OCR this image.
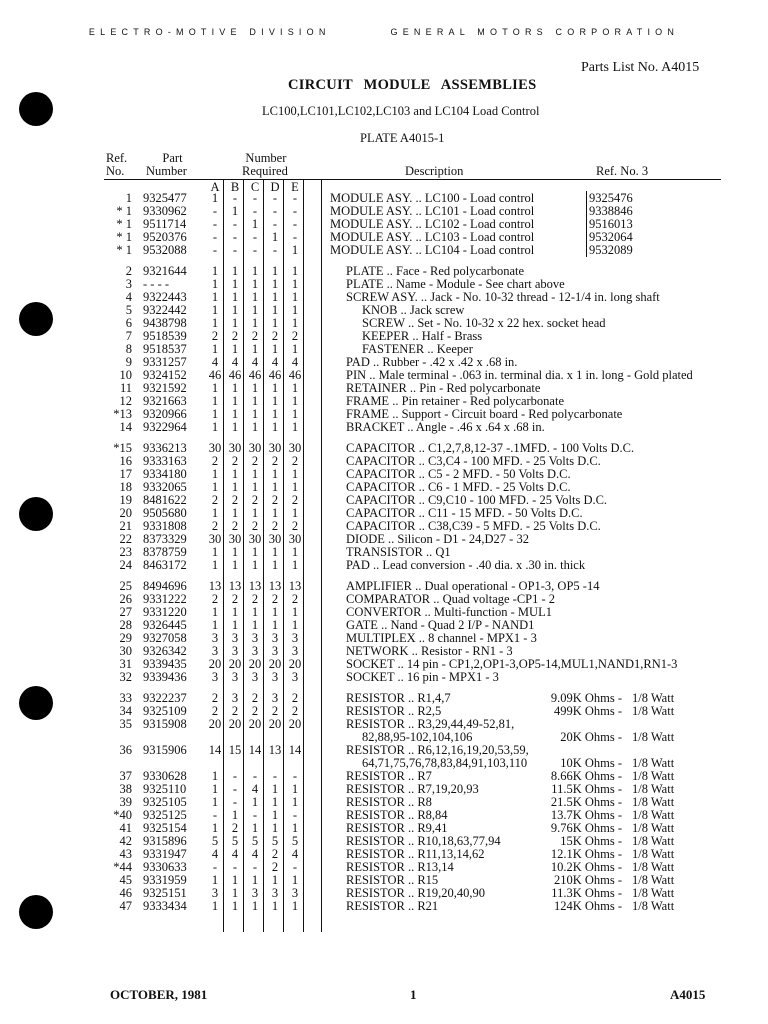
ELECTRO-MOTIVE DIVISION	GENERAL MOTORS CORPORATION
Parts List No. A4015
CIRCUIT MODULE ASSEMBLIES
LC100,LC101,LC102,LC103 and LC104 Load Control
PLATE A4015-1
Ref.
No.
Part
Number
Number
Required	Description	Ref. No. 3
A B C D E
1 9325477	1	-	-	-	-	MODULE ASY. .. LC100 - Load control	9325476
* 1 9330962	-	1	-	-	-	MODULE ASY. .. LC101 - Load control	9338846
* 1 9511714	-	-	1	-	-	MODULE ASY. .. LC102 - Load control	9516013
* 1 9520376	-	-	-	1	-	MODULE ASY. .. LC103 - Load control	9532064
* 1 9532088	-	-	-	-	1	MODULE ASY. .. LC104 - Load control	9532089
2 9321644	1	1	1	1	1	PLATE .. Face - Red polycarbonate
3 - - - -	1	1	1	1	1	PLATE .. Name - Module - See chart above
4 9322443	1	1	1	1	1	SCREW ASY. .. Jack - No. 10-32 thread - 12-1/4 in. long shaft
5 9322442	1	1	1	1	1	KNOB .. Jack screw
6 9438798	1	1	1	1	1	SCREW .. Set - No. 10-32 x 22 hex. socket head
7 9518539	2	2	2	2	2	KEEPER .. Half - Brass
8 9518537	1	1	1	1	1	FASTENER .. Keeper
9 9331257	4	4	4	4	4	PAD .. Rubber - .42 x .42 x .68 in.
10 9324152	46 46 46 46 46	PIN .. Male terminal - .063 in. terminal dia. x 1 in. long - Gold plated
11 9321592	1	1	1	1	1	RETAINER .. Pin - Red polycarbonate
12 9321663	1	1	1	1	1	FRAME .. Pin retainer - Red polycarbonate
*13 9320966	1	1	1	1	1	FRAME .. Support - Circuit board - Red polycarbonate
14 9322964	1	1	1	1	1	BRACKET .. Angle - .46 x .64 x .68 in.
*15 9336213	30 30 30 30 30	CAPACITOR .. C1,2,7,8,12-37 -.1MFD. - 100 Volts D.C.
16 9333163	2	2	2	2	2	CAPACITOR .. C3,C4 - 100 MFD. - 25 Volts D.C.
17 9334180	1	1	1	1	1	CAPACITOR .. C5 - 2 MFD. - 50 Volts D.C.
18 9332065	1	1	1	1	1	CAPACITOR .. C6 - 1 MFD. - 25 Volts D.C.
19 8481622	2	2	2	2	2	CAPACITOR .. C9,C10 - 100 MFD. - 25 Volts D.C.
20 9505680	1	1	1	1	1	CAPACITOR .. C11 - 15 MFD. - 50 Volts D.C.
21 9331808	2	2	2	2	2	CAPACITOR .. C38,C39 - 5 MFD. - 25 Volts D.C.
22 8373329	30 30 30 30 30	DIODE .. Silicon - D1 - 24,D27 - 32
23 8378759	1	1	1	1	1	TRANSISTOR .. Q1
24 8463172	1	1	1	1	1	PAD .. Lead conversion - .40 dia. x .30 in. thick
25 8494696	13 13 13 13 13	AMPLIFIER .. Dual operational - OP1-3, OP5 -14
26 9331222	2	2	2	2	2	COMPARATOR .. Quad voltage -CP1 - 2
27 9331220	1	1	1	1	1	CONVERTOR .. Multi-function - MUL1
28 9326445	1	1	1	1	1	GATE .. Nand - Quad 2 I/P - NAND1
29 9327058	3	3	3	3	3	MULTIPLEX .. 8 channel - MPX1 - 3
30 9326342	3	3	3	3	3	NETWORK .. Resistor - RN1 - 3
31 9339435	20 20 20 20 20	SOCKET .. 14 pin - CP1,2,OP1-3,OP5-14,MUL1,NAND1,RN1-3
32 9339436	3	3	3	3	3	SOCKET .. 16 pin - MPX1 - 3
33 9322237	2	3	2	3	2	RESISTOR .. R1,4,7	9.09K Ohms - 1/8 Watt
34 9325109	2	2	2	2	2	RESISTOR .. R2,5	499K Ohms - 1/8 Watt
35 9315908	20 20 20 20 20	RESISTOR .. R3,29,44,49-52,81,
82,88,95-102,104,106	20K Ohms - 1/8 Watt
36 9315906	14 15 14 13 14	RESISTOR .. R6,12,16,19,20,53,59,
64,71,75,76,78,83,84,91,103,110	10K Ohms - 1/8 Watt
37 9330628	1	-	-	-	-	RESISTOR .. R7	8.66K Ohms - 1/8 Watt
38 9325110	1	-	4	1	1	RESISTOR .. R7,19,20,93	11.5K Ohms - 1/8 Watt
39 9325105	1	-	1	1	1	RESISTOR .. R8	21.5K Ohms - 1/8 Watt
*40 9325125	-	1	-	1	-	RESISTOR .. R8,84	13.7K Ohms - 1/8 Watt
41 9325154	1	2	1	1	1	RESISTOR .. R9,41	9.76K Ohms - 1/8 Watt
42 9315896	5	5	5	5	5	RESISTOR .. R10,18,63,77,94	15K Ohms - 1/8 Watt
43 9331947	4	4	4	2	4	RESISTOR .. R11,13,14,62	12.1K Ohms - 1/8 Watt
*44 9330633	-	-	-	2	-	RESISTOR .. R13,14	10.2K Ohms - 1/8 Watt
45 9331959	1	1	1	1	1	RESISTOR .. R15	210K Ohms - 1/8 Watt
46 9325151	3	1	3	3	3	RESISTOR .. R19,20,40,90	11.3K Ohms - 1/8 Watt
47 9333434	1	1	1	1	1	RESISTOR .. R21	124K Ohms - 1/8 Watt
OCTOBER, 1981	1	A4015
